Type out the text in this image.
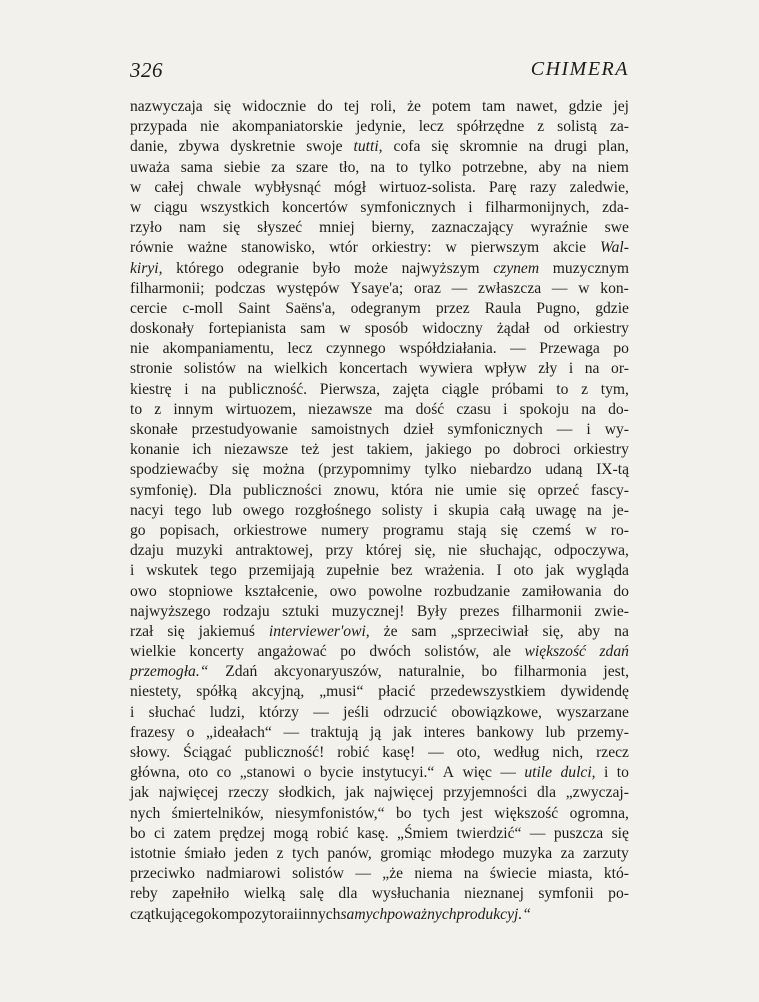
326	CHIMERA
nazwyczaja się widocznie do tej roli, że potem tam nawet, gdzie jej
przypada nie akompaniatorskie jedynie, lecz spółrzędne z solistą za-
danie, zbywa dyskretnie swoje tutti, cofa się skromnie na drugi plan,
uważa sama siebie za szare tło, na to tylko potrzebne, aby na niem
w całej chwale wybłysnąć mógł wirtuoz-solista. Parę razy zaledwie,
w ciągu wszystkich koncertów symfonicznych i filharmonijnych, zda-
rzyło nam się słyszeć mniej bierny, zaznaczający wyraźnie swe
równie ważne stanowisko, wtór orkiestry: w pierwszym akcie Wal-
kiryi, którego odegranie było może najwyższym czynem muzycznym
filharmonii; podczas występów Ysaye'a; oraz — zwłaszcza — w kon-
cercie c-moll Saint Saëns'a, odegranym przez Raula Pugno, gdzie
doskonały fortepianista sam w sposób widoczny żądał od orkiestry
nie akompaniamentu, lecz czynnego współdziałania. — Przewaga po
stronie solistów na wielkich koncertach wywiera wpływ zły i na or-
kiestrę i na publiczność. Pierwsza, zajęta ciągle próbami to z tym,
to z innym wirtuozem, niezawsze ma dość czasu i spokoju na do-
skonałe przestudyowanie samoistnych dzieł symfonicznych — i wy-
konanie ich niezawsze też jest takiem, jakiego po dobroci orkiestry
spodziewaćby się można (przypomnimy tylko niebardzo udaną IX-tą
symfonię). Dla publiczności znowu, która nie umie się oprzeć fascy-
nacyi tego lub owego rozgłośnego solisty i skupia całą uwagę na je-
go popisach, orkiestrowe numery programu stają się czemś w ro-
dzaju muzyki antraktowej, przy której się, nie słuchając, odpoczywa,
i wskutek tego przemijają zupełnie bez wrażenia. I oto jak wygląda
owo stopniowe kształcenie, owo powolne rozbudzanie zamiłowania do
najwyższego rodzaju sztuki muzycznej! Były prezes filharmonii zwie-
rzał się jakiemuś interviewer'owi, że sam „sprzeciwiał się, aby na
wielkie koncerty angażować po dwóch solistów, ale większość zdań
przemogła.“ Zdań akcyonaryuszów, naturalnie, bo filharmonia jest,
niestety, spółką akcyjną, „musi“ płacić przedewszystkiem dywidendę
i słuchać ludzi, którzy — jeśli odrzucić obowiązkowe, wyszarzane
frazesy o „ideałach“ — traktują ją jak interes bankowy lub przemy-
słowy. Ściągać publiczność! robić kasę! — oto, według nich, rzecz
główna, oto co „stanowi o bycie instytucyi.“ A więc — utile dulci, i to
jak najwięcej rzeczy słodkich, jak najwięcej przyjemności dla „zwyczaj-
nych śmiertelników, niesymfonistów,“ bo tych jest większość ogromna,
bo ci zatem prędzej mogą robić kasę. „Śmiem twierdzić“ — puszcza się
istotnie śmiało jeden z tych panów, gromiąc młodego muzyka za zarzuty
przeciwko nadmiarowi solistów — „że niema na świecie miasta, któ-
reby zapełniło wielką salę dla wysłuchania nieznanej symfonii po-
czątkującego kompozytora i innych samych poważnych produkcyj.“
